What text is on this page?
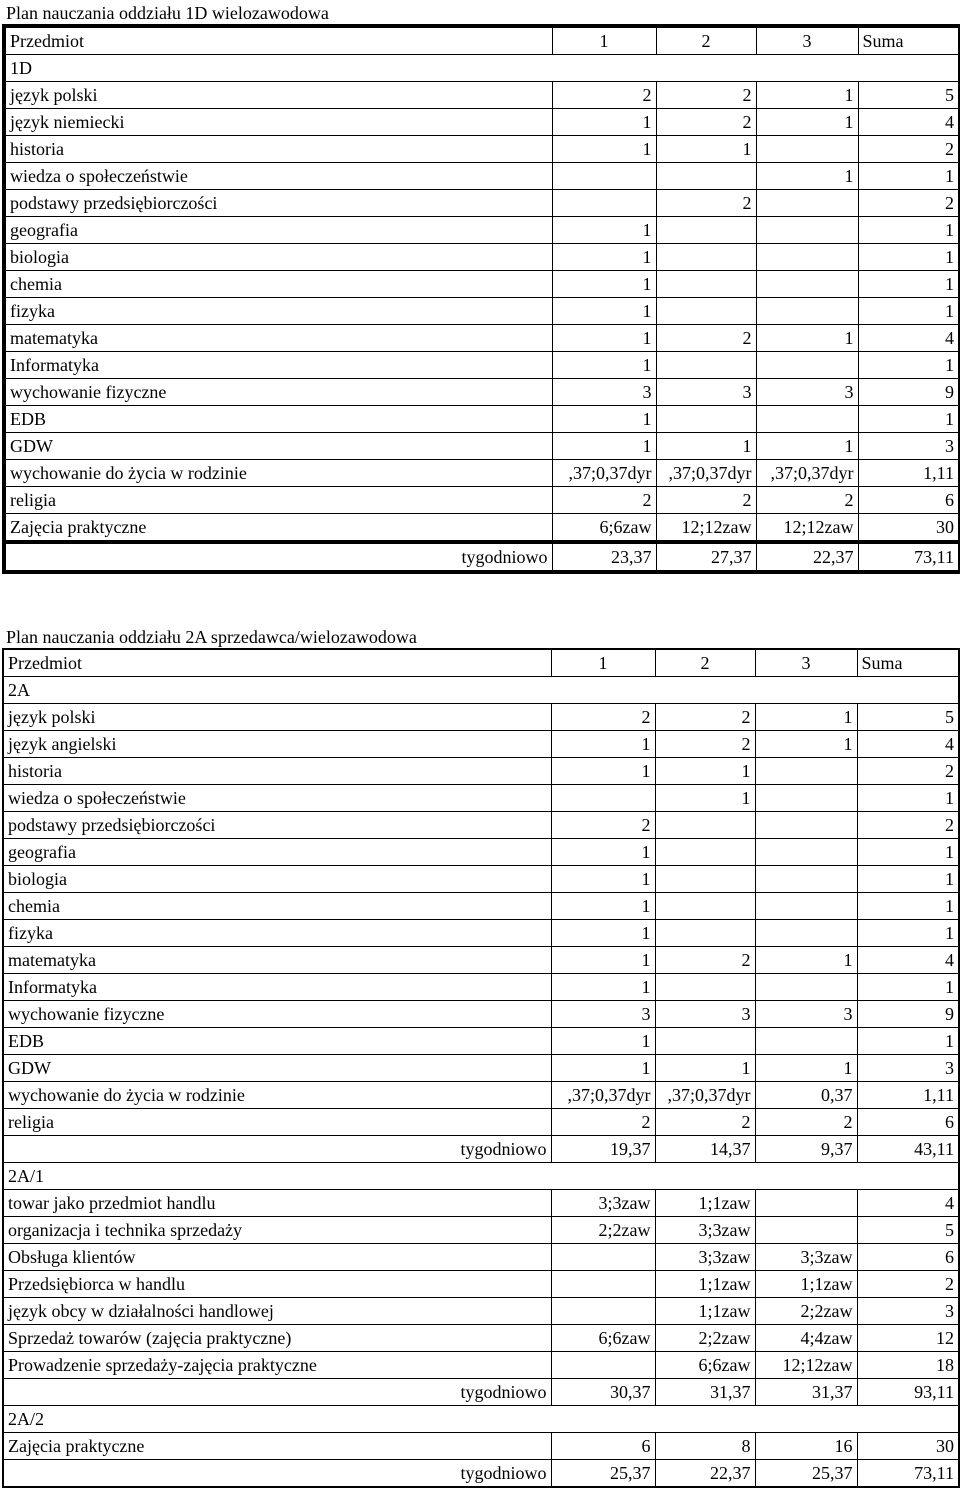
Plan nauczania oddziału 1D wielozawodowa
Przedmiot	1	2	3	Suma
1D				
język polski	2	2	1	5
język niemiecki	1	2	1	4
historia	1	1		2
wiedza o społeczeństwie			1	1
podstawy przedsiębiorczości		2		2
geografia	1			1
biologia	1			1
chemia	1			1
fizyka	1			1
matematyka	1	2	1	4
Informatyka	1			1
wychowanie fizyczne	3	3	3	9
EDB	1			1
GDW	1	1	1	3
wychowanie do życia w rodzinie	,37;0,37dyr	,37;0,37dyr	,37;0,37dyr	1,11
religia	2	2	2	6
Zajęcia praktyczne	6;6zaw	12;12zaw	12;12zaw	30
tygodniowo	23,37	27,37	22,37	73,11
Plan nauczania oddziału 2A sprzedawca/wielozawodowa
Przedmiot	1	2	3	Suma
2A				
język polski	2	2	1	5
język angielski	1	2	1	4
historia	1	1		2
wiedza o społeczeństwie		1		1
podstawy przedsiębiorczości	2			2
geografia	1			1
biologia	1			1
chemia	1			1
fizyka	1			1
matematyka	1	2	1	4
Informatyka	1			1
wychowanie fizyczne	3	3	3	9
EDB	1			1
GDW	1	1	1	3
wychowanie do życia w rodzinie	,37;0,37dyr	,37;0,37dyr	0,37	1,11
religia	2	2	2	6
tygodniowo	19,37	14,37	9,37	43,11
2A/1				
towar jako przedmiot handlu	3;3zaw	1;1zaw		4
organizacja i technika sprzedaży	2;2zaw	3;3zaw		5
Obsługa klientów		3;3zaw	3;3zaw	6
Przedsiębiorca w handlu		1;1zaw	1;1zaw	2
język obcy w działalności handlowej		1;1zaw	2;2zaw	3
Sprzedaż towarów (zajęcia praktyczne)	6;6zaw	2;2zaw	4;4zaw	12
Prowadzenie sprzedaży-zajęcia praktyczne		6;6zaw	12;12zaw	18
tygodniowo	30,37	31,37	31,37	93,11
2A/2				
Zajęcia praktyczne	6	8	16	30
tygodniowo	25,37	22,37	25,37	73,11
